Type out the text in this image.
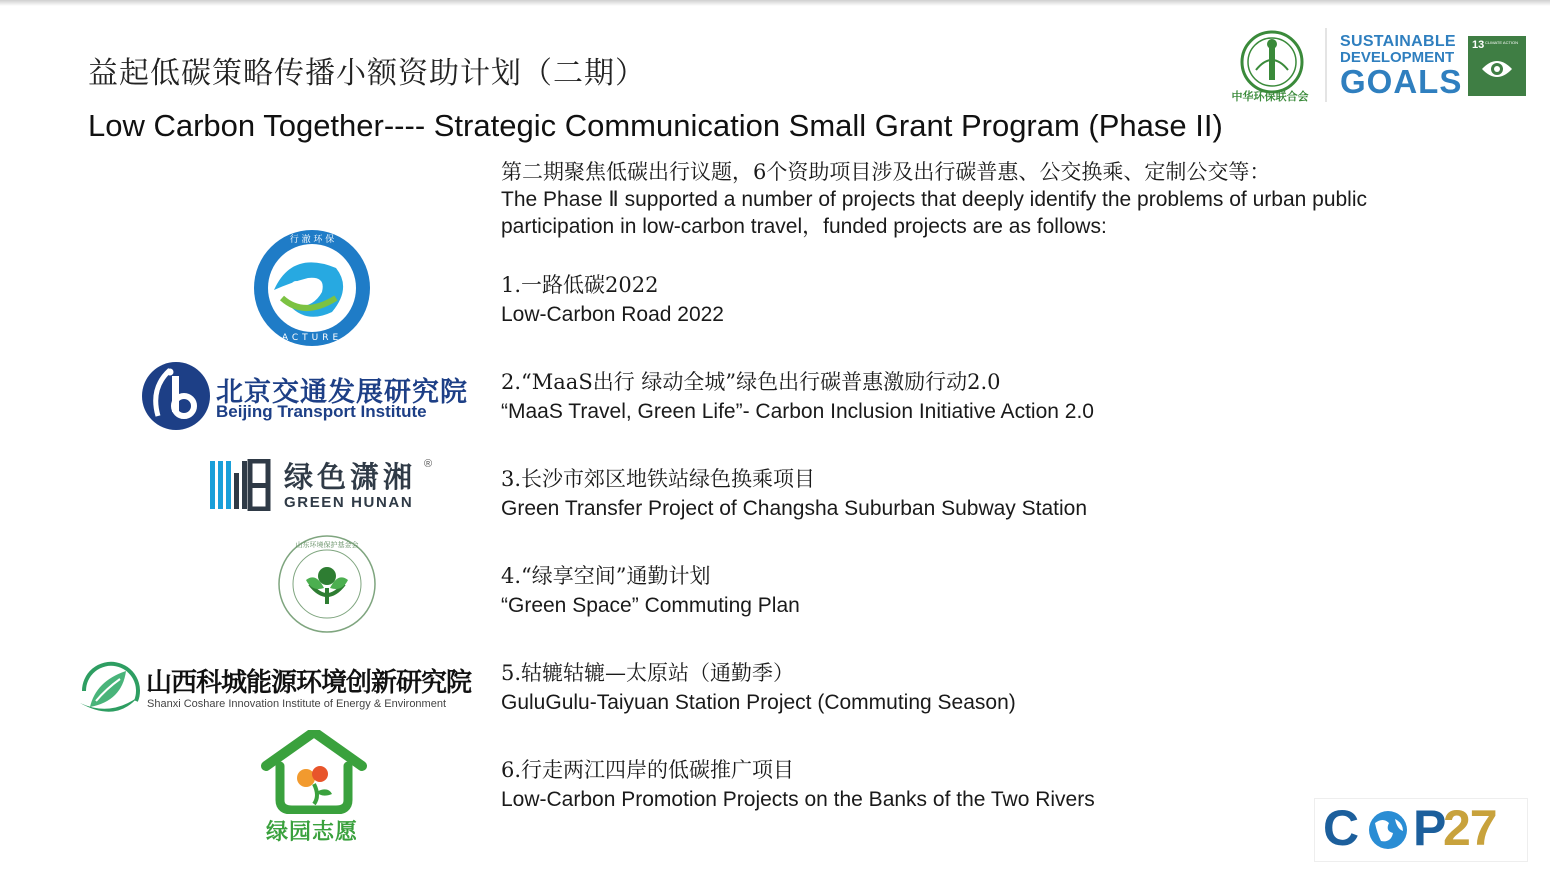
益起低碳策略传播小额资助计划（二期）
Low Carbon Together---- Strategic Communication Small Grant Program (Phase II)
中华环保联合会
SUSTAINABLE
DEVELOPMENT
GOALS
13 CLIMATE ACTION
第二期聚焦低碳出行议题，6个资助项目涉及出行碳普惠、公交换乘、定制公交等：
The Phase Ⅱ supported a number of projects that deeply identify the problems of urban public participation in low-carbon travel，funded projects are as follows:
1.一路低碳2022
Low-Carbon Road 2022
2.“MaaS出行 绿动全城”绿色出行碳普惠激励行动2.0
“MaaS Travel, Green Life”- Carbon Inclusion Initiative Action 2.0
3.长沙市郊区地铁站绿色换乘项目
Green Transfer Project of Changsha Suburban Subway Station
4.“绿享空间”通勤计划
“Green Space” Commuting Plan
5.轱辘轱辘—太原站（通勤季）
GuluGulu-Taiyuan Station Project (Commuting Season)
6.行走两江四岸的低碳推广项目
Low-Carbon Promotion Projects on the Banks of the Two Rivers
行 澈 环 保
ACTURE
北京交通发展研究院
Beijing Transport Institute
绿色潇湘 ®
GREEN HUNAN
山东环境保护基金会
山西科城能源环境创新研究院
Shanxi Coshare Innovation Institute of Energy & Environment
绿园志愿	C P
27
